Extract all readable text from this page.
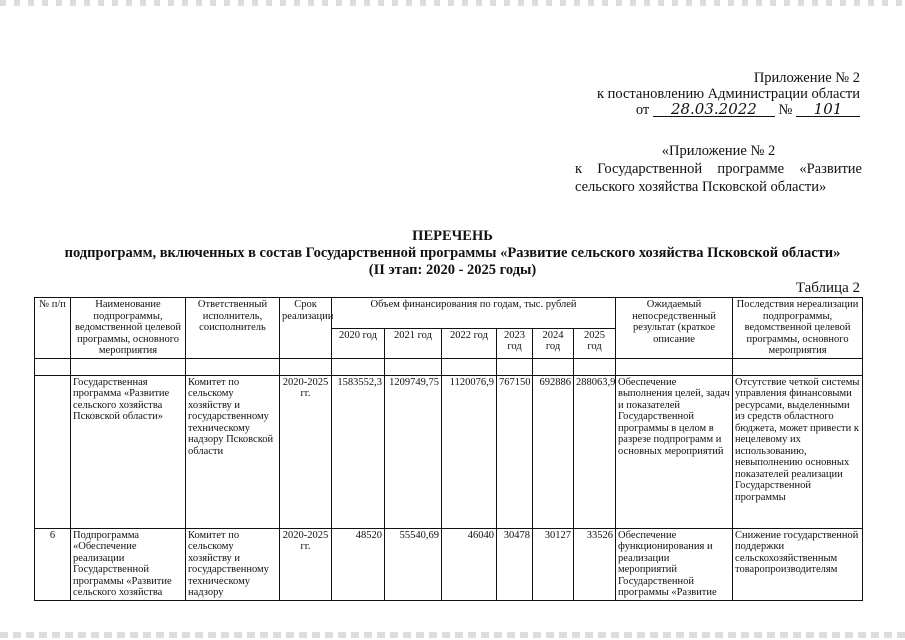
Приложение № 2
к постановлению Администрации области
от 28.03.2022 № 101
«Приложение № 2
к Государственной программе «Развитие
сельского хозяйства Псковской области»
ПЕРЕЧЕНЬ
подпрограмм, включенных в состав Государственной программы «Развитие сельского хозяйства Псковской области»
(II этап: 2020 - 2025 годы)
Таблица 2
№ п/п	Наименование подпрограммы, ведомственной целевой программы, основного мероприятия	Ответственный исполнитель, соисполнитель	Срок реализации	Объем финансирования по годам, тыс. рублей						Ожидаемый непосредственный результат (краткое описание	Последствия нереализации подпрограммы, ведомственной целевой программы, основного мероприятия
				2020 год	2021 год	2022 год	2023 год	2024 год	2025 год		

	Государственная программа «Развитие сельского хозяйства Псковской области»	Комитет по сельскому хозяйству и государственному техническому надзору Псковской области	2020-2025 гг.	1583552,3	1209749,75	1120076,9	767150	692886	288063,9	Обеспечение выполнения целей, задач и показателей Государственной программы в целом в разрезе подпрограмм и основных мероприятий	Отсутствие четкой системы управления финансовыми ресурсами, выделенными из средств областного бюджета, может привести к нецелевому их использованию, невыполнению основных показателей реализации Государственной программы
6	Подпрограмма «Обеспечение реализации Государственной программы «Развитие сельского хозяйства	Комитет по сельскому хозяйству и государственному техническому надзору	2020-2025 гг.	48520	55540,69	46040	30478	30127	33526	Обеспечение функционирования и реализации мероприятий Государственной программы «Развитие	Снижение государственной поддержки сельскохозяйственным товаропроизводителям
